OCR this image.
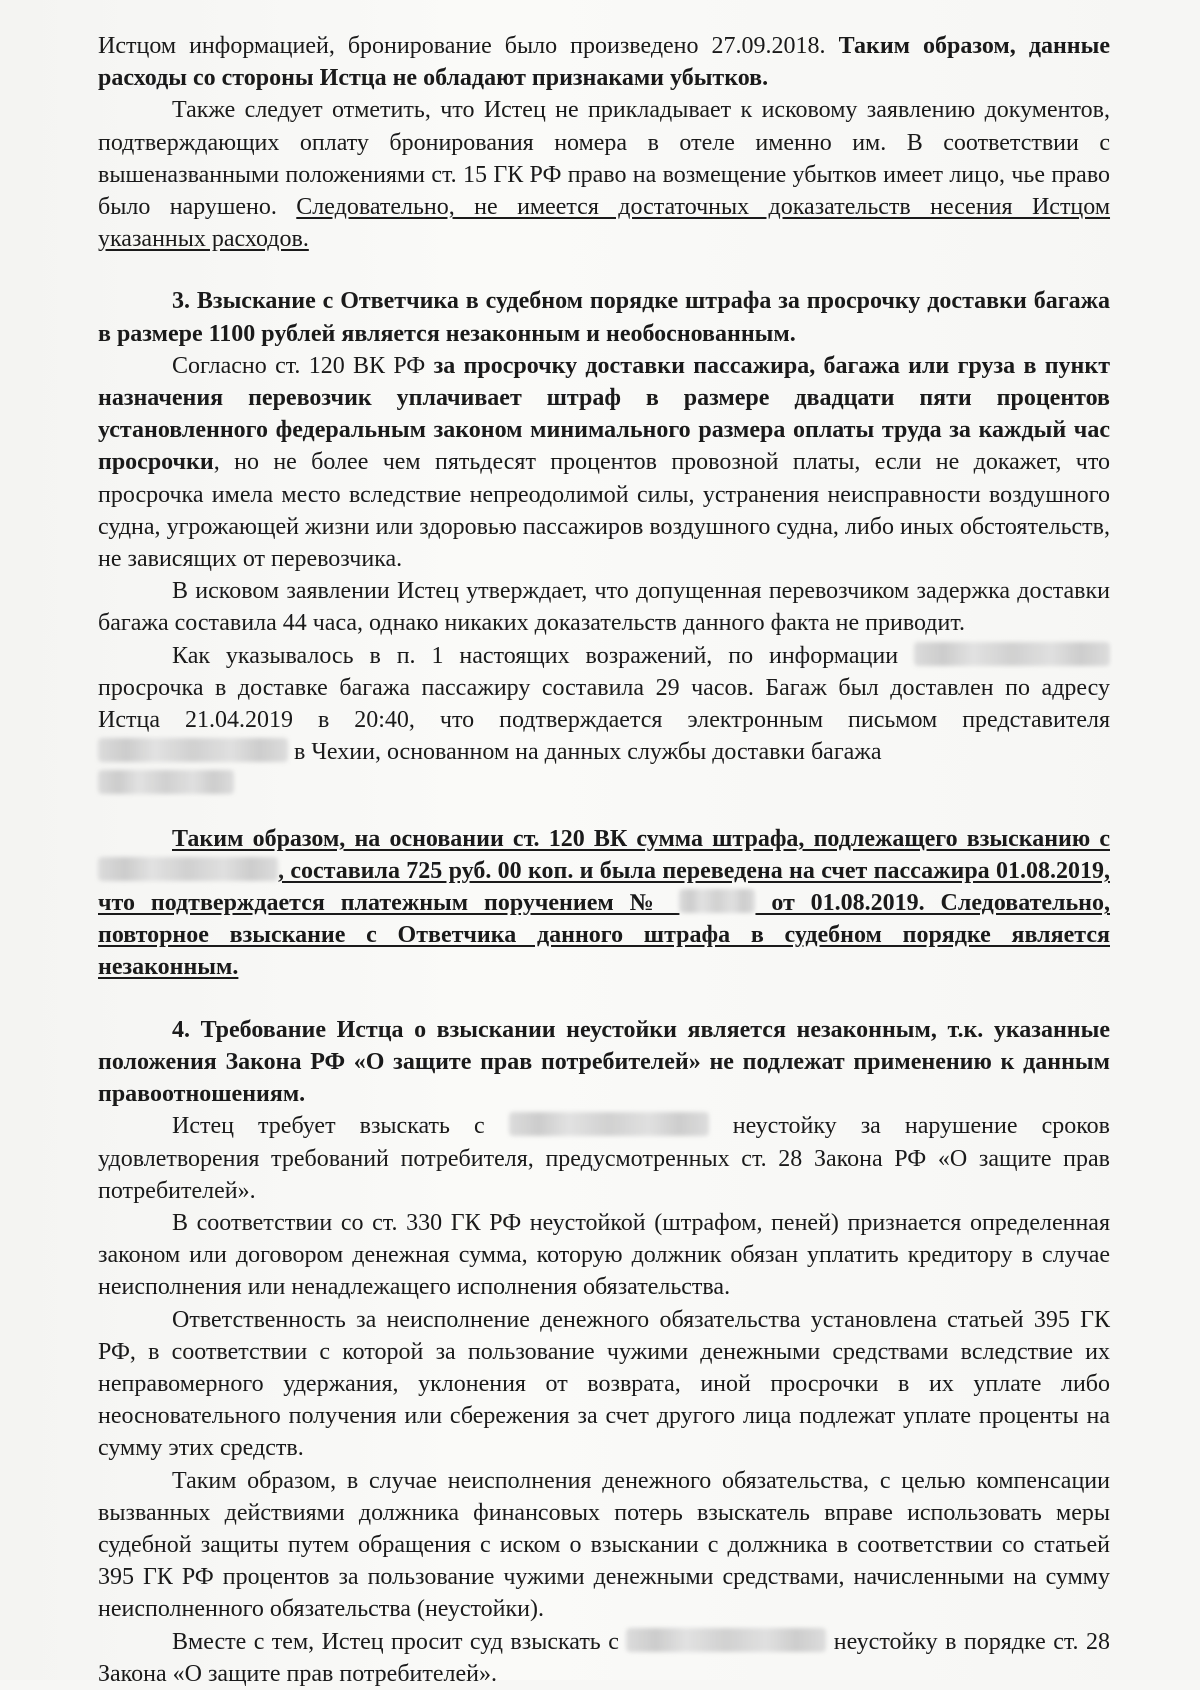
Истцом информацией, бронирование было произведено 27.09.2018. Таким образом, данные расходы со стороны Истца не обладают признаками убытков.

Также следует отметить, что Истец не прикладывает к исковому заявлению документов, подтверждающих оплату бронирования номера в отеле именно им. В соответствии с вышеназванными положениями ст. 15 ГК РФ право на возмещение убытков имеет лицо, чье право было нарушено. Следовательно, не имеется достаточных доказательств несения Истцом указанных расходов.

3. Взыскание с Ответчика в судебном порядке штрафа за просрочку доставки багажа в размере 1100 рублей является незаконным и необоснованным.

Согласно ст. 120 ВК РФ за просрочку доставки пассажира, багажа или груза в пункт назначения перевозчик уплачивает штраф в размере двадцати пяти процентов установленного федеральным законом минимального размера оплаты труда за каждый час просрочки, но не более чем пятьдесят процентов провозной платы, если не докажет, что просрочка имела место вследствие непреодолимой силы, устранения неисправности воздушного судна, угрожающей жизни или здоровью пассажиров воздушного судна, либо иных обстоятельств, не зависящих от перевозчика.

В исковом заявлении Истец утверждает, что допущенная перевозчиком задержка доставки багажа составила 44 часа, однако никаких доказательств данного факта не приводит.

Как указывалось в п. 1 настоящих возражений, по информации  просрочка в доставке багажа пассажиру составила 29 часов. Багаж был доставлен по адресу Истца 21.04.2019 в 20:40, что подтверждается электронным письмом представителя  в Чехии, основанном на данных службы доставки багажа

Таким образом, на основании ст. 120 ВК сумма штрафа, подлежащего взысканию с , составила 725 руб. 00 коп. и была переведена на счет пассажира 01.08.2019, что подтверждается платежным поручением №	от 01.08.2019. Следовательно, повторное взыскание с Ответчика данного штрафа в судебном порядке является незаконным.

4. Требование Истца о взыскании неустойки является незаконным, т.к. указанные положения Закона РФ «О защите прав потребителей» не подлежат применению к данным правоотношениям.

Истец требует взыскать с	неустойку за нарушение сроков удовлетворения требований потребителя, предусмотренных ст. 28 Закона РФ «О защите прав потребителей».

В соответствии со ст. 330 ГК РФ неустойкой (штрафом, пеней) признается определенная законом или договором денежная сумма, которую должник обязан уплатить кредитору в случае неисполнения или ненадлежащего исполнения обязательства.

Ответственность за неисполнение денежного обязательства установлена статьей 395 ГК РФ, в соответствии с которой за пользование чужими денежными средствами вследствие их неправомерного удержания, уклонения от возврата, иной просрочки в их уплате либо неосновательного получения или сбережения за счет другого лица подлежат уплате проценты на сумму этих средств.

Таким образом, в случае неисполнения денежного обязательства, с целью компенсации вызванных действиями должника финансовых потерь взыскатель вправе использовать меры судебной защиты путем обращения с иском о взыскании с должника в соответствии со статьей 395 ГК РФ процентов за пользование чужими денежными средствами, начисленными на сумму неисполненного обязательства (неустойки).

Вместе с тем, Истец просит суд взыскать с	неустойку в порядке ст. 28 Закона «О защите прав потребителей».
